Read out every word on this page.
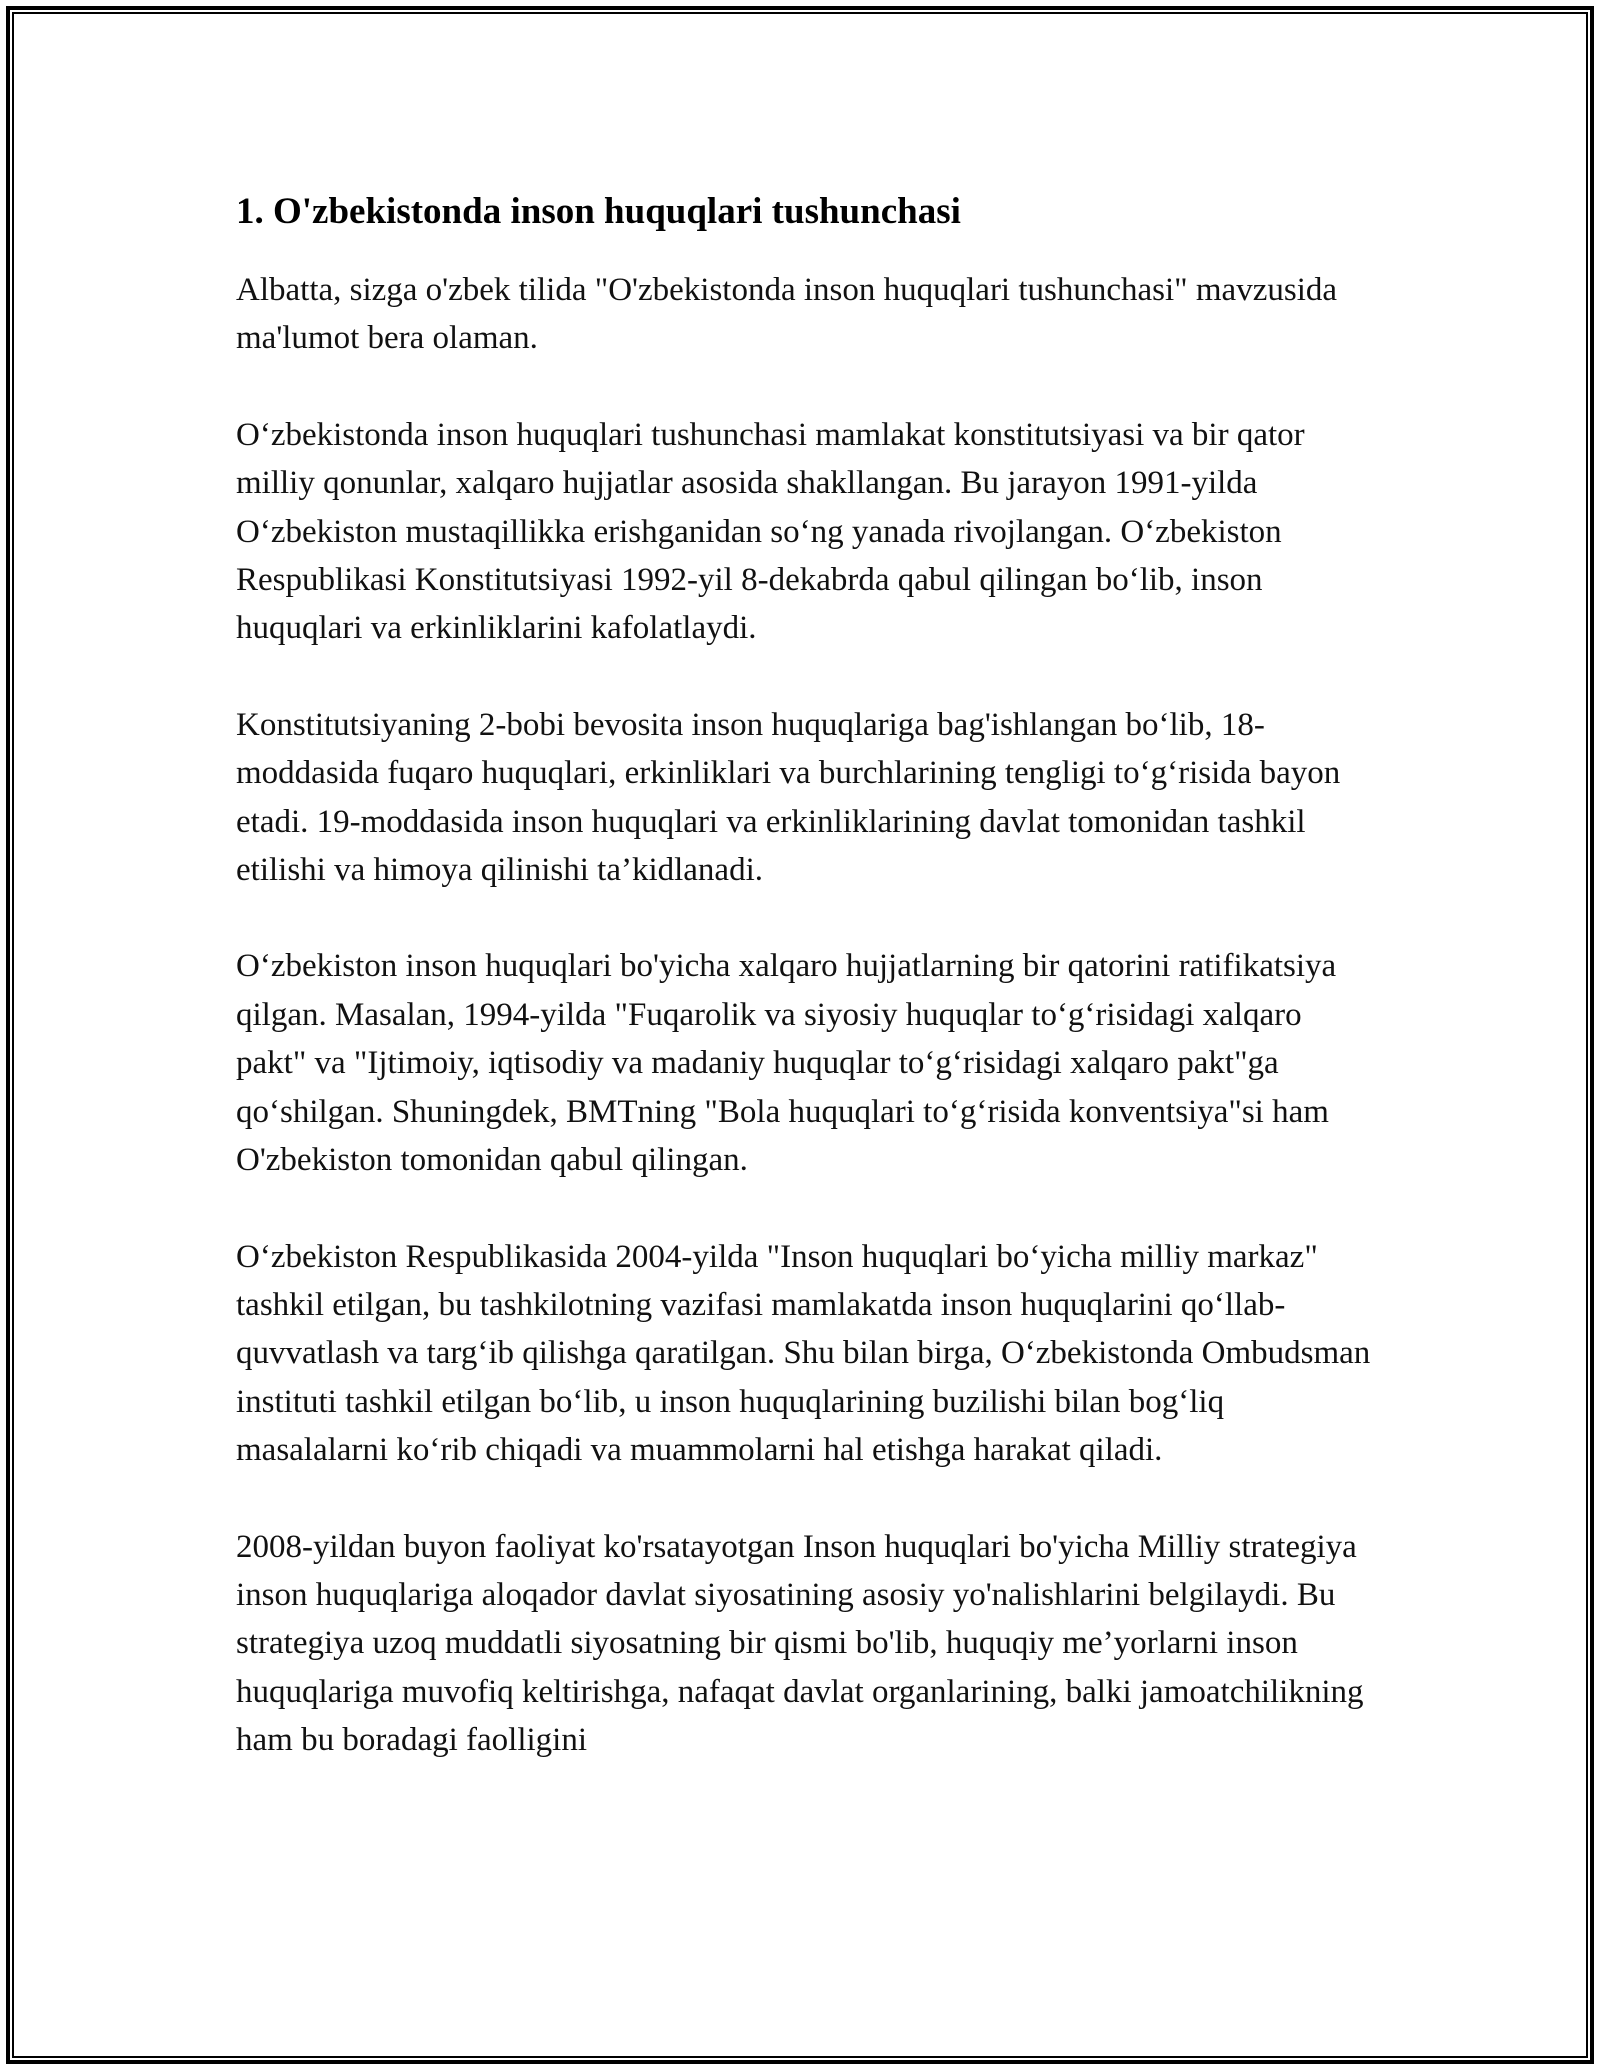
1. O'zbekistonda inson huquqlari tushunchasi

Albatta, sizga o'zbek tilida "O'zbekistonda inson huquqlari tushunchasi" mavzusida ma'lumot bera olaman.

O‘zbekistonda inson huquqlari tushunchasi mamlakat konstitutsiyasi va bir qator milliy qonunlar, xalqaro hujjatlar asosida shakllangan. Bu jarayon 1991-yilda O‘zbekiston mustaqillikka erishganidan so‘ng yanada rivojlangan. O‘zbekiston Respublikasi Konstitutsiyasi 1992-yil 8-dekabrda qabul qilingan bo‘lib, inson huquqlari va erkinliklarini kafolatlaydi.

Konstitutsiyaning 2-bobi bevosita inson huquqlariga bag'ishlangan bo‘lib, 18-moddasida fuqaro huquqlari, erkinliklari va burchlarining tengligi to‘g‘risida bayon etadi. 19-moddasida inson huquqlari va erkinliklarining davlat tomonidan tashkil etilishi va himoya qilinishi ta’kidlanadi.

O‘zbekiston inson huquqlari bo'yicha xalqaro hujjatlarning bir qatorini ratifikatsiya qilgan. Masalan, 1994-yilda "Fuqarolik va siyosiy huquqlar to‘g‘risidagi xalqaro pakt" va "Ijtimoiy, iqtisodiy va madaniy huquqlar to‘g‘risidagi xalqaro pakt"ga qo‘shilgan. Shuningdek, BMTning "Bola huquqlari to‘g‘risida konventsiya"si ham O'zbekiston tomonidan qabul qilingan.

O‘zbekiston Respublikasida 2004-yilda "Inson huquqlari bo‘yicha milliy markaz" tashkil etilgan, bu tashkilotning vazifasi mamlakatda inson huquqlarini qo‘llab-quvvatlash va targ‘ib qilishga qaratilgan. Shu bilan birga, O‘zbekistonda Ombudsman instituti tashkil etilgan bo‘lib, u inson huquqlarining buzilishi bilan bog‘liq masalalarni ko‘rib chiqadi va muammolarni hal etishga harakat qiladi.

2008-yildan buyon faoliyat ko'rsatayotgan Inson huquqlari bo'yicha Milliy strategiya inson huquqlariga aloqador davlat siyosatining asosiy yo'nalishlarini belgilaydi. Bu strategiya uzoq muddatli siyosatning bir qismi bo'lib, huquqiy me’yorlarni inson huquqlariga muvofiq keltirishga, nafaqat davlat organlarining, balki jamoatchilikning ham bu boradagi faolligini
